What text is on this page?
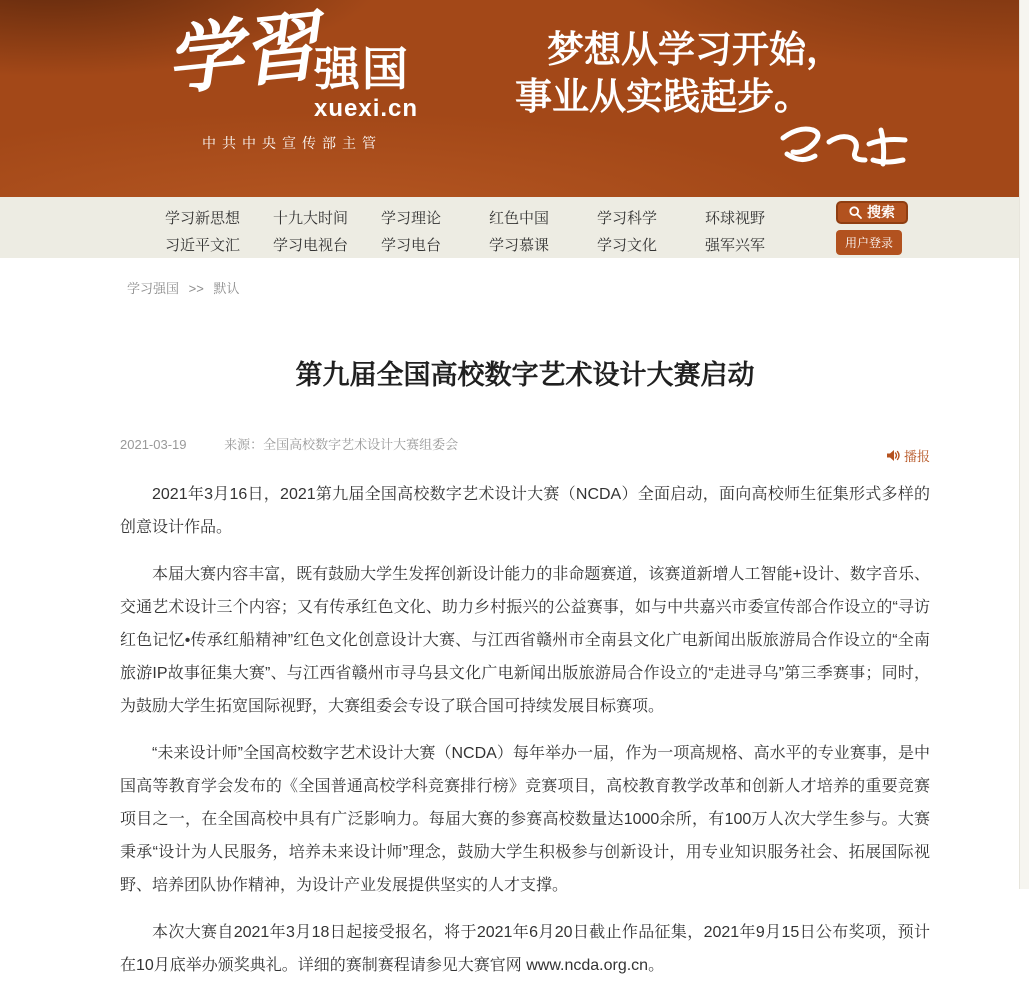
学習
强国
xuexi.cn
中共中央宣传部主管
梦想从学习开始，
事业从实践起步。
学习新思想	十九大时间	学习理论	红色中国	学习科学	环球视野
习近平文汇	学习电视台	学习电台	学习慕课	学习文化	强军兴军
搜索
用户登录
学习强国 >> 默认
第九届全国高校数字艺术设计大赛启动
2021-03-19	来源：全国高校数字艺术设计大赛组委会
播报

2021年3月16日，2021第九届全国高校数字艺术设计大赛（NCDA）全面启动，面向高校师生征集形式多样的创意设计作品。

本届大赛内容丰富，既有鼓励大学生发挥创新设计能力的非命题赛道，该赛道新增人工智能+设计、数字音乐、交通艺术设计三个内容；又有传承红色文化、助力乡村振兴的公益赛事，如与中共嘉兴市委宣传部合作设立的“寻访红色记忆•传承红船精神”红色文化创意设计大赛、与江西省赣州市全南县文化广电新闻出版旅游局合作设立的“全南旅游IP故事征集大赛”、与江西省赣州市寻乌县文化广电新闻出版旅游局合作设立的“走进寻乌”第三季赛事；同时，为鼓励大学生拓宽国际视野，大赛组委会专设了联合国可持续发展目标赛项。

“未来设计师”全国高校数字艺术设计大赛（NCDA）每年举办一届，作为一项高规格、高水平的专业赛事，是中国高等教育学会发布的《全国普通高校学科竞赛排行榜》竞赛项目，高校教育教学改革和创新人才培养的重要竞赛项目之一，在全国高校中具有广泛影响力。每届大赛的参赛高校数量达1000余所，有100万人次大学生参与。大赛秉承“设计为人民服务，培养未来设计师”理念，鼓励大学生积极参与创新设计，用专业知识服务社会、拓展国际视野、培养团队协作精神，为设计产业发展提供坚实的人才支撑。

本次大赛自2021年3月18日起接受报名，将于2021年6月20日截止作品征集，2021年9月15日公布奖项，预计在10月底举办颁奖典礼。详细的赛制赛程请参见大赛官网 www.ncda.org.cn。
